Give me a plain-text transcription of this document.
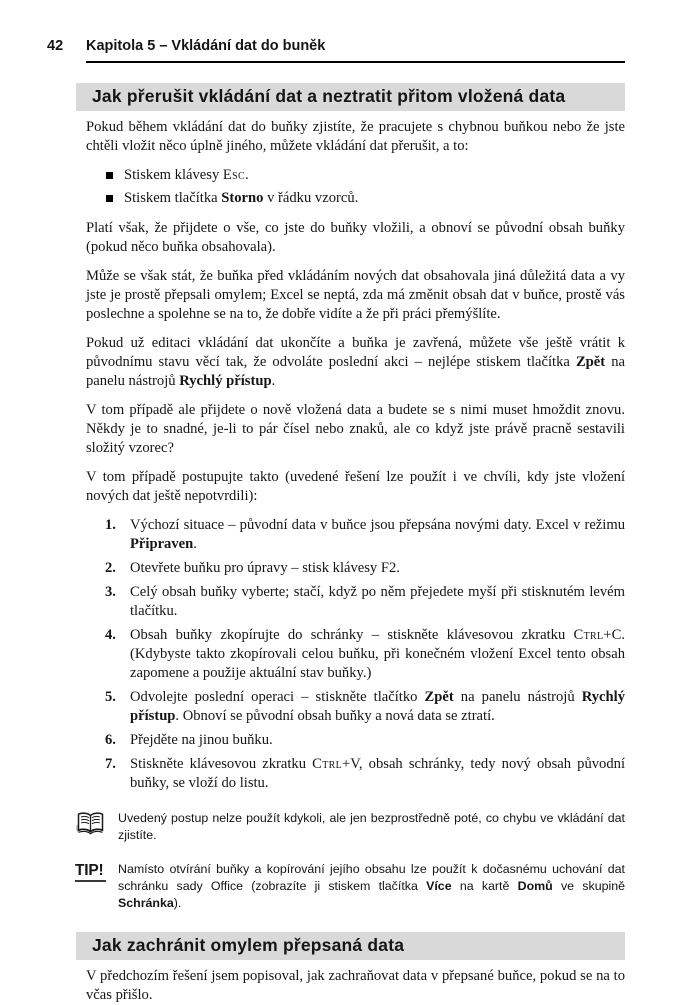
42 Kapitola 5 – Vkládání dat do buněk
Jak přerušit vkládání dat a neztratit přitom vložená data

Pokud během vkládání dat do buňky zjistíte, že pracujete s chybnou buňkou nebo že jste chtěli vložit něco úplně jiného, můžete vkládání dat přerušit, a to:

Stiskem klávesy Esc.
Stiskem tlačítka Storno v řádku vzorců.

Platí však, že přijdete o vše, co jste do buňky vložili, a obnoví se původní obsah buňky (pokud něco buňka obsahovala).

Může se však stát, že buňka před vkládáním nových dat obsahovala jiná důležitá data a vy jste je prostě přepsali omylem; Excel se neptá, zda má změnit obsah dat v buňce, prostě vás poslechne a spolehne se na to, že dobře vidíte a že při práci přemýšlíte.

Pokud už editaci vkládání dat ukončíte a buňka je zavřená, můžete vše ještě vrátit k původnímu stavu věcí tak, že odvoláte poslední akci – nejlépe stiskem tlačítka Zpět na panelu nástrojů Rychlý přístup.

V tom případě ale přijdete o nově vložená data a budete se s nimi muset hmoždit znovu. Někdy je to snadné, je-li to pár čísel nebo znaků, ale co když jste právě pracně sestavili složitý vzorec?

V tom případě postupujte takto (uvedené řešení lze použít i ve chvíli, kdy jste vložení nových dat ještě nepotvrdili):

1. Výchozí situace – původní data v buňce jsou přepsána novými daty. Excel v režimu Připraven.
2. Otevřete buňku pro úpravy – stisk klávesy F2.
3. Celý obsah buňky vyberte; stačí, když po něm přejedete myší při stisknutém levém tlačítku.
4. Obsah buňky zkopírujte do schránky – stiskněte klávesovou zkratku Ctrl+C. (Kdybyste takto zkopírovali celou buňku, při konečném vložení Excel tento obsah zapomene a použije aktuální stav buňky.)
5. Odvolejte poslední operaci – stiskněte tlačítko Zpět na panelu nástrojů Rychlý přístup. Obnoví se původní obsah buňky a nová data se ztratí.
6. Přejděte na jinou buňku.
7. Stiskněte klávesovou zkratku Ctrl+V, obsah schránky, tedy nový obsah původní buňky, se vloží do listu.
Uvedený postup nelze použít kdykoli, ale jen bezprostředně poté, co chybu ve vkládání dat zjistíte.
TIP!	Namísto otvírání buňky a kopírování jejího obsahu lze použít k dočasnému uchování dat schránku sady Office (zobrazíte ji stiskem tlačítka Více na kartě Domů ve skupině Schránka).
Jak zachránit omylem přepsaná data

V předchozím řešení jsem popisoval, jak zachraňovat data v přepsané buňce, pokud se na to včas přišlo.
